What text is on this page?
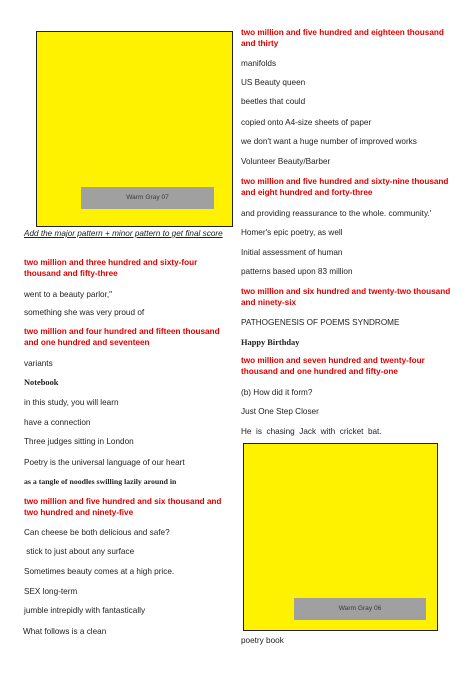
Warm Gray 07
Add the major pattern + minor pattern to get final score
two million and three hundred and sixty-four thousand and fifty-three
went to a beauty parlor,"
something she was very proud of
two million and four hundred and fifteen thousand and one hundred and seventeen
variants
Notebook
in this study, you will learn
have a connection
Three judges sitting in London
Poetry is the universal language of our heart
as a tangle of noodles swilling lazily around in
two million and five hundred and six thousand and two hundred and ninety-five
Can cheese be both delicious and safe?
stick to just about any surface
Sometimes beauty comes at a high price.
SEX long-term
jumble intrepidly with fantastically
What follows is a clean
two million and five hundred and eighteen thousand and thirty
manifolds
US Beauty queen
beetles that could
copied onto A4-size sheets of paper
we don't want a huge number of improved works
Volunteer Beauty/Barber
two million and five hundred and sixty-nine thousand and eight hundred and forty-three
and providing reassurance to the whole. community.'
Homer's epic poetry, as well
Initial assessment of human
patterns based upon 83 million
two million and six hundred and twenty-two thousand and ninety-six
PATHOGENESIS OF POEMS SYNDROME
Happy Birthday
two million and seven hundred and twenty-four thousand and one hundred and fifty-one
(b) How did it form?
Just One Step Closer
He  is  chasing  Jack  with  cricket  bat.
Warm Gray 06
poetry book
